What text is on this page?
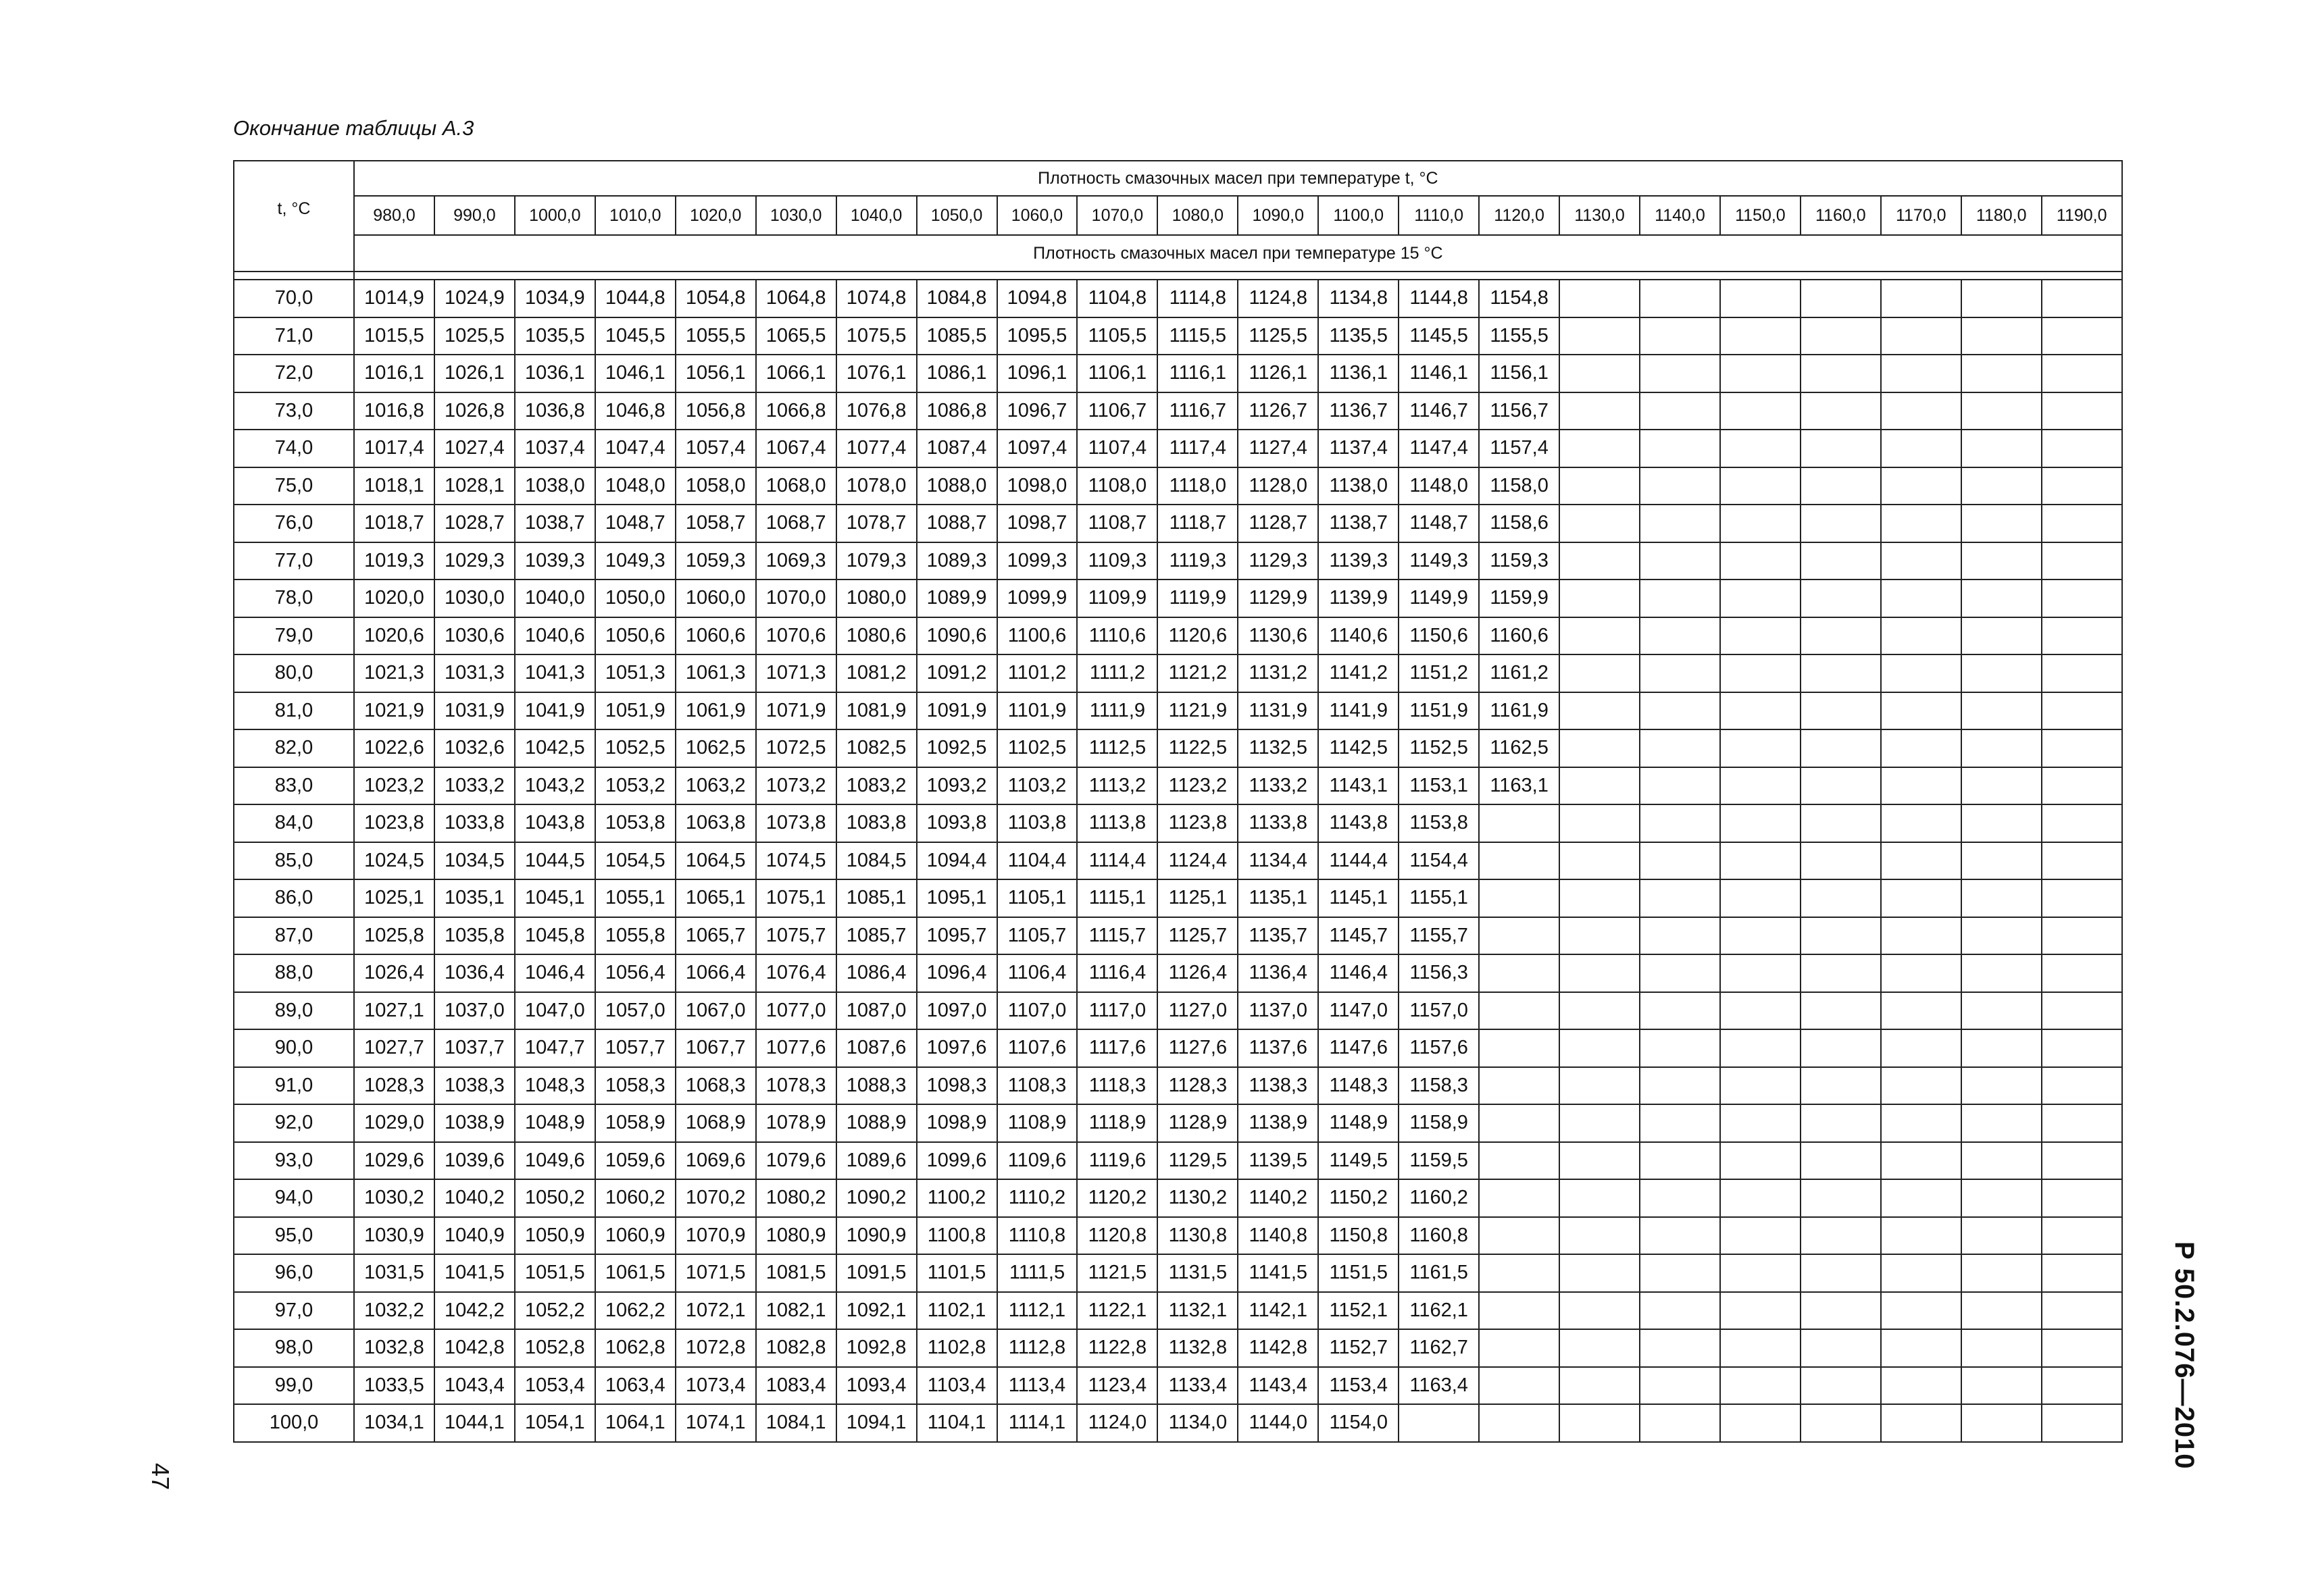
Окончание таблицы А.3
t, °C	Плотность смазочных масел при температуре t, °C																					
	980,0	990,0	1000,0	1010,0	1020,0	1030,0	1040,0	1050,0	1060,0	1070,0	1080,0	1090,0	1100,0	1110,0	1120,0	1130,0	1140,0	1150,0	1160,0	1170,0	1180,0	1190,0
	Плотность смазочных масел при температуре 15 °C																					

70,0	1014,9	1024,9	1034,9	1044,8	1054,8	1064,8	1074,8	1084,8	1094,8	1104,8	1114,8	1124,8	1134,8	1144,8	1154,8							
71,0	1015,5	1025,5	1035,5	1045,5	1055,5	1065,5	1075,5	1085,5	1095,5	1105,5	1115,5	1125,5	1135,5	1145,5	1155,5							
72,0	1016,1	1026,1	1036,1	1046,1	1056,1	1066,1	1076,1	1086,1	1096,1	1106,1	1116,1	1126,1	1136,1	1146,1	1156,1							
73,0	1016,8	1026,8	1036,8	1046,8	1056,8	1066,8	1076,8	1086,8	1096,7	1106,7	1116,7	1126,7	1136,7	1146,7	1156,7							
74,0	1017,4	1027,4	1037,4	1047,4	1057,4	1067,4	1077,4	1087,4	1097,4	1107,4	1117,4	1127,4	1137,4	1147,4	1157,4							
75,0	1018,1	1028,1	1038,0	1048,0	1058,0	1068,0	1078,0	1088,0	1098,0	1108,0	1118,0	1128,0	1138,0	1148,0	1158,0							
76,0	1018,7	1028,7	1038,7	1048,7	1058,7	1068,7	1078,7	1088,7	1098,7	1108,7	1118,7	1128,7	1138,7	1148,7	1158,6							
77,0	1019,3	1029,3	1039,3	1049,3	1059,3	1069,3	1079,3	1089,3	1099,3	1109,3	1119,3	1129,3	1139,3	1149,3	1159,3							
78,0	1020,0	1030,0	1040,0	1050,0	1060,0	1070,0	1080,0	1089,9	1099,9	1109,9	1119,9	1129,9	1139,9	1149,9	1159,9							
79,0	1020,6	1030,6	1040,6	1050,6	1060,6	1070,6	1080,6	1090,6	1100,6	1110,6	1120,6	1130,6	1140,6	1150,6	1160,6							
80,0	1021,3	1031,3	1041,3	1051,3	1061,3	1071,3	1081,2	1091,2	1101,2	1111,2	1121,2	1131,2	1141,2	1151,2	1161,2							
81,0	1021,9	1031,9	1041,9	1051,9	1061,9	1071,9	1081,9	1091,9	1101,9	1111,9	1121,9	1131,9	1141,9	1151,9	1161,9							
82,0	1022,6	1032,6	1042,5	1052,5	1062,5	1072,5	1082,5	1092,5	1102,5	1112,5	1122,5	1132,5	1142,5	1152,5	1162,5							
83,0	1023,2	1033,2	1043,2	1053,2	1063,2	1073,2	1083,2	1093,2	1103,2	1113,2	1123,2	1133,2	1143,1	1153,1	1163,1							
84,0	1023,8	1033,8	1043,8	1053,8	1063,8	1073,8	1083,8	1093,8	1103,8	1113,8	1123,8	1133,8	1143,8	1153,8								
85,0	1024,5	1034,5	1044,5	1054,5	1064,5	1074,5	1084,5	1094,4	1104,4	1114,4	1124,4	1134,4	1144,4	1154,4								
86,0	1025,1	1035,1	1045,1	1055,1	1065,1	1075,1	1085,1	1095,1	1105,1	1115,1	1125,1	1135,1	1145,1	1155,1								
87,0	1025,8	1035,8	1045,8	1055,8	1065,7	1075,7	1085,7	1095,7	1105,7	1115,7	1125,7	1135,7	1145,7	1155,7								
88,0	1026,4	1036,4	1046,4	1056,4	1066,4	1076,4	1086,4	1096,4	1106,4	1116,4	1126,4	1136,4	1146,4	1156,3								
89,0	1027,1	1037,0	1047,0	1057,0	1067,0	1077,0	1087,0	1097,0	1107,0	1117,0	1127,0	1137,0	1147,0	1157,0								
90,0	1027,7	1037,7	1047,7	1057,7	1067,7	1077,6	1087,6	1097,6	1107,6	1117,6	1127,6	1137,6	1147,6	1157,6								
91,0	1028,3	1038,3	1048,3	1058,3	1068,3	1078,3	1088,3	1098,3	1108,3	1118,3	1128,3	1138,3	1148,3	1158,3								
92,0	1029,0	1038,9	1048,9	1058,9	1068,9	1078,9	1088,9	1098,9	1108,9	1118,9	1128,9	1138,9	1148,9	1158,9								
93,0	1029,6	1039,6	1049,6	1059,6	1069,6	1079,6	1089,6	1099,6	1109,6	1119,6	1129,5	1139,5	1149,5	1159,5								
94,0	1030,2	1040,2	1050,2	1060,2	1070,2	1080,2	1090,2	1100,2	1110,2	1120,2	1130,2	1140,2	1150,2	1160,2								
95,0	1030,9	1040,9	1050,9	1060,9	1070,9	1080,9	1090,9	1100,8	1110,8	1120,8	1130,8	1140,8	1150,8	1160,8								
96,0	1031,5	1041,5	1051,5	1061,5	1071,5	1081,5	1091,5	1101,5	1111,5	1121,5	1131,5	1141,5	1151,5	1161,5								
97,0	1032,2	1042,2	1052,2	1062,2	1072,1	1082,1	1092,1	1102,1	1112,1	1122,1	1132,1	1142,1	1152,1	1162,1								
98,0	1032,8	1042,8	1052,8	1062,8	1072,8	1082,8	1092,8	1102,8	1112,8	1122,8	1132,8	1142,8	1152,7	1162,7								
99,0	1033,5	1043,4	1053,4	1063,4	1073,4	1083,4	1093,4	1103,4	1113,4	1123,4	1133,4	1143,4	1153,4	1163,4								
100,0	1034,1	1044,1	1054,1	1064,1	1074,1	1084,1	1094,1	1104,1	1114,1	1124,0	1134,0	1144,0	1154,0									
47
Р 50.2.076—2010
